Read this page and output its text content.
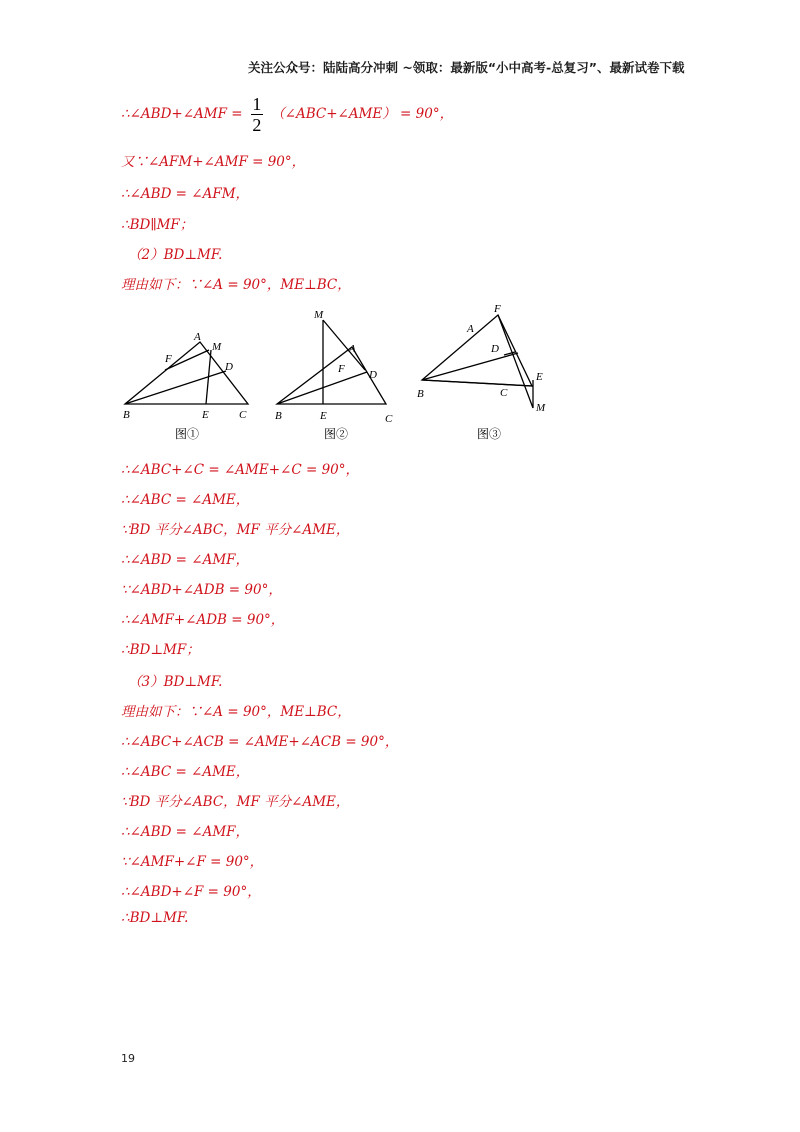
关注公众号：陆陆高分冲刺 ~领取：最新版“小中高考-总复习”、最新试卷下载
∴∠ABD+∠AMF = $\frac{1}{2}$ （∠ABC+∠AME） = 90°，
又∵∠AFM+∠AMF = 90°，
∴∠ABD = ∠AFM，
∴BD∥MF；
（2）BD⊥MF.
理由如下：∵∠A = 90°，ME⊥BC，
A
M
F
D
B	E	C
M
A
F D
B	E	C
F
A
D
B	C
E
M
图①	图②	图③
∴∠ABC+∠C = ∠AME+∠C = 90°，
∴∠ABC = ∠AME，
∵BD 平分∠ABC，MF 平分∠AME，
∴∠ABD = ∠AMF，
∵∠ABD+∠ADB = 90°，
∴∠AMF+∠ADB = 90°，
∴BD⊥MF；
（3）BD⊥MF.
理由如下：∵∠A = 90°，ME⊥BC，
∴∠ABC+∠ACB = ∠AME+∠ACB = 90°，
∴∠ABC = ∠AME，
∵BD 平分∠ABC，MF 平分∠AME，
∴∠ABD = ∠AMF，
∵∠AMF+∠F = 90°，
∴∠ABD+∠F = 90°，
∴BD⊥MF.
19
